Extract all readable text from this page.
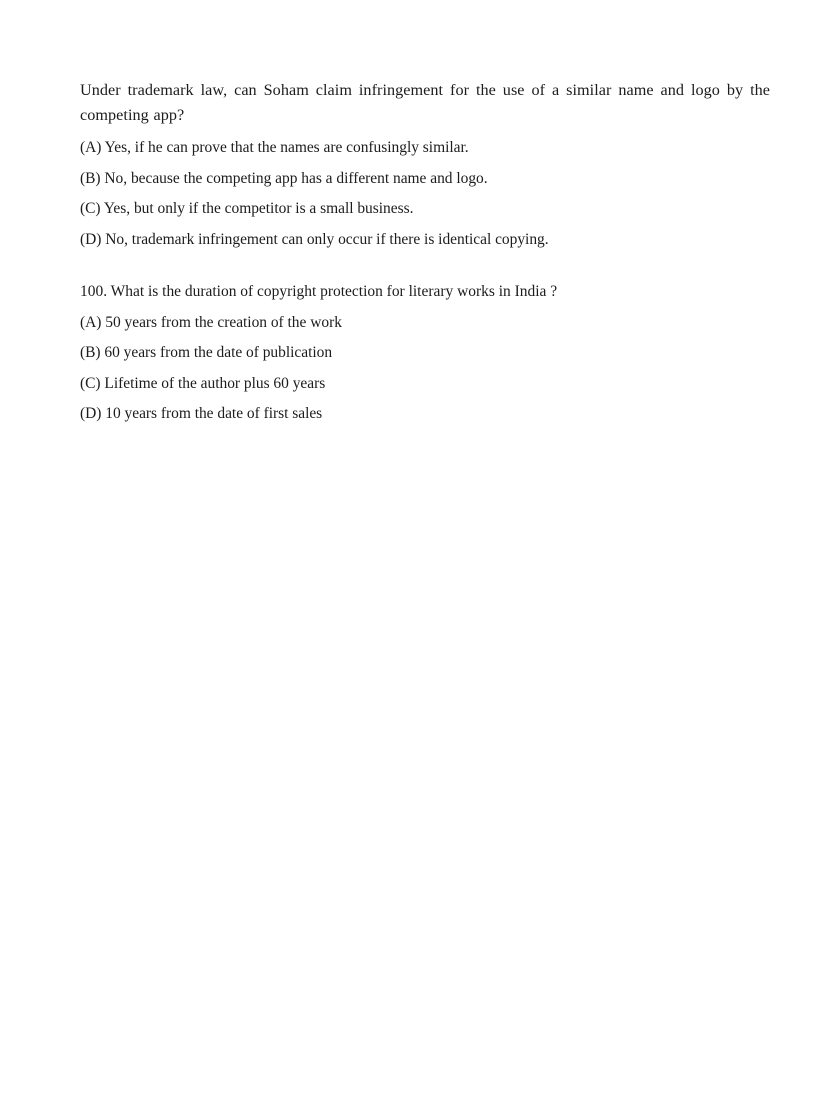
Under trademark law, can Soham claim infringement for the use of a similar name and logo by the competing app?

(A) Yes, if he can prove that the names are confusingly similar.

(B) No, because the competing app has a different name and logo.

(C) Yes, but only if the competitor is a small business.

(D) No, trademark infringement can only occur if there is identical copying.

100. What is the duration of copyright protection for literary works in India ?

(A) 50 years from the creation of the work

(B) 60 years from the date of publication

(C) Lifetime of the author plus 60 years

(D) 10 years from the date of first sales
